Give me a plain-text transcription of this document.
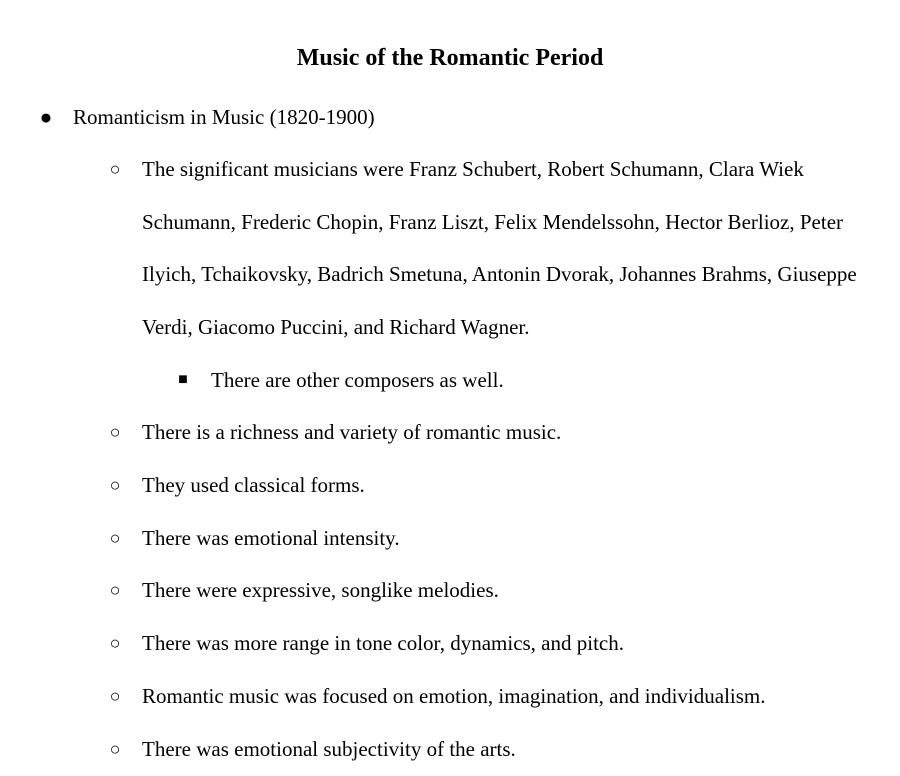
Music of the Romantic Period
● Romanticism in Music (1820-1900)
○ The significant musicians were Franz Schubert, Robert Schumann, Clara Wiek Schumann, Frederic Chopin, Franz Liszt, Felix Mendelssohn, Hector Berlioz, Peter Ilyich, Tchaikovsky, Badrich Smetuna, Antonin Dvorak, Johannes Brahms, Giuseppe Verdi, Giacomo Puccini, and Richard Wagner.

■ There are other composers as well.
○ There is a richness and variety of romantic music.
○ They used classical forms.
○ There was emotional intensity.
○ There were expressive, songlike melodies.
○ There was more range in tone color, dynamics, and pitch.
○ Romantic music was focused on emotion, imagination, and individualism.
○ There was emotional subjectivity of the arts.
